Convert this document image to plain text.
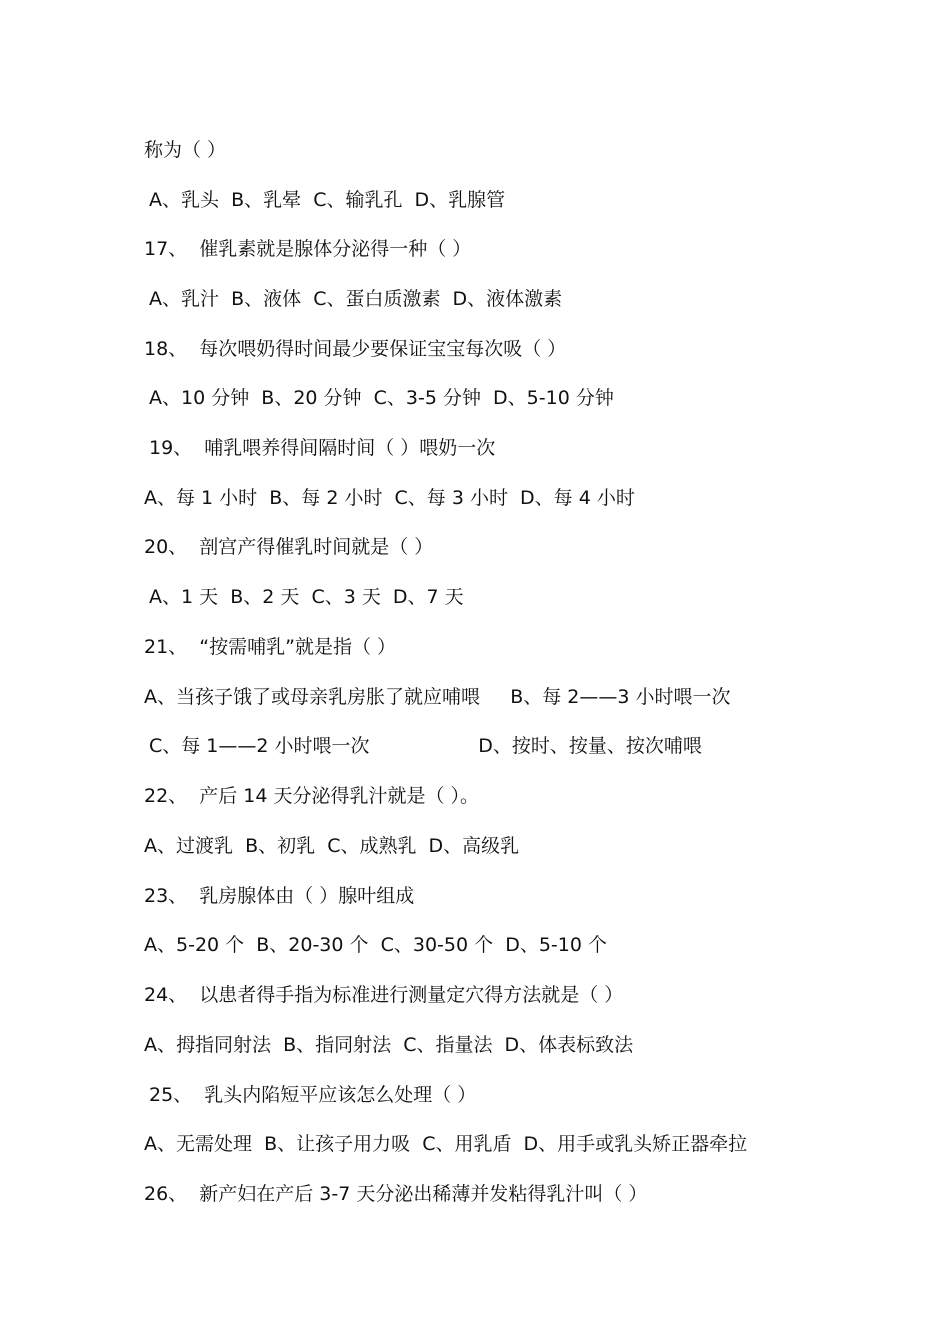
称为（ ）
A、乳头  B、乳晕  C、输乳孔  D、乳腺管
17、  催乳素就是腺体分泌得一种（ ）
A、乳汁  B、液体  C、蛋白质激素  D、液体激素
18、  每次喂奶得时间最少要保证宝宝每次吸（ ）
A、10 分钟  B、20 分钟  C、3-5 分钟  D、5-10 分钟
19、  哺乳喂养得间隔时间（ ）喂奶一次
A、每 1 小时  B、每 2 小时  C、每 3 小时  D、每 4 小时
20、  剖宫产得催乳时间就是（ ）
A、1 天  B、2 天  C、3 天  D、7 天
21、  “按需哺乳”就是指（ ）
A、当孩子饿了或母亲乳房胀了就应哺喂     B、每 2——3 小时喂一次
C、每 1——2 小时喂一次                  D、按时、按量、按次哺喂
22、  产后 14 天分泌得乳汁就是（ ）。
A、过渡乳  B、初乳  C、成熟乳  D、高级乳
23、  乳房腺体由（ ）腺叶组成
A、5-20 个  B、20-30 个  C、30-50 个  D、5-10 个
24、  以患者得手指为标准进行测量定穴得方法就是（ ）
A、拇指同射法  B、指同射法  C、指量法  D、体表标致法
25、  乳头内陷短平应该怎么处理（ ）
A、无需处理  B、让孩子用力吸  C、用乳盾  D、用手或乳头矫正器牵拉
26、  新产妇在产后 3-7 天分泌出稀薄并发粘得乳汁叫（ ）
